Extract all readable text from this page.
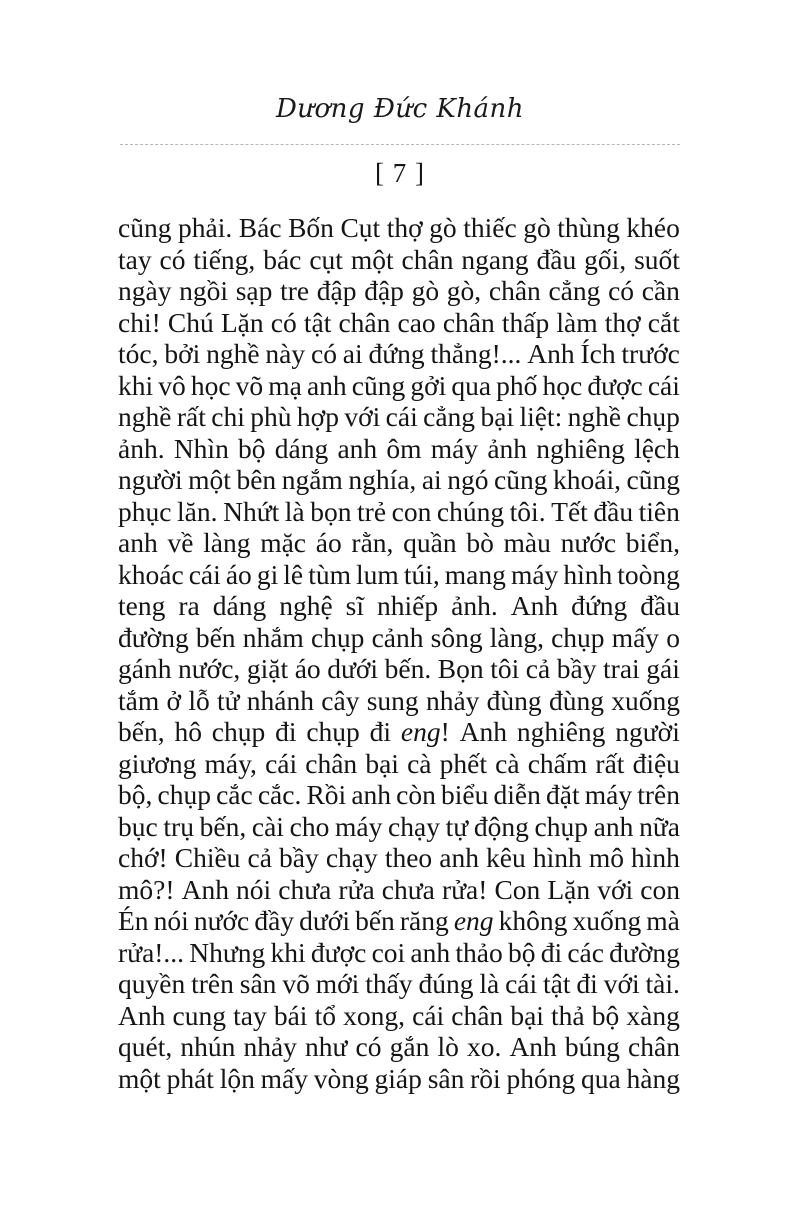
Dương Đức Khánh
[ 7 ]
cũng phải. Bác Bốn Cụt thợ gò thiếc gò thùng khéo
tay có tiếng, bác cụt một chân ngang đầu gối, suốt
ngày ngồi sạp tre đập đập gò gò, chân cẳng có cần
chi! Chú Lặn có tật chân cao chân thấp làm thợ cắt
tóc, bởi nghề này có ai đứng thẳng!... Anh Ích trước
khi vô học võ mạ anh cũng gởi qua phố học được cái
nghề rất chi phù hợp với cái cẳng bại liệt: nghề chụp
ảnh. Nhìn bộ dáng anh ôm máy ảnh nghiêng lệch
người một bên ngắm nghía, ai ngó cũng khoái, cũng
phục lăn. Nhứt là bọn trẻ con chúng tôi. Tết đầu tiên
anh về làng mặc áo rằn, quần bò màu nước biển,
khoác cái áo gi lê tùm lum túi, mang máy hình toòng
teng ra dáng nghệ sĩ nhiếp ảnh. Anh đứng đầu
đường bến nhắm chụp cảnh sông làng, chụp mấy o
gánh nước, giặt áo dưới bến. Bọn tôi cả bầy trai gái
tắm ở lỗ tử nhánh cây sung nhảy đùng đùng xuống
bến, hô chụp đi chụp đi eng! Anh nghiêng người
giương máy, cái chân bại cà phết cà chấm rất điệu
bộ, chụp cắc cắc. Rồi anh còn biểu diễn đặt máy trên
bục trụ bến, cài cho máy chạy tự động chụp anh nữa
chớ! Chiều cả bầy chạy theo anh kêu hình mô hình
mô?! Anh nói chưa rửa chưa rửa! Con Lặn với con
Én nói nước đầy dưới bến răng eng không xuống mà
rửa!... Nhưng khi được coi anh thảo bộ đi các đường
quyền trên sân võ mới thấy đúng là cái tật đi với tài.
Anh cung tay bái tổ xong, cái chân bại thả bộ xàng
quét, nhún nhảy như có gắn lò xo. Anh búng chân
một phát lộn mấy vòng giáp sân rồi phóng qua hàng
